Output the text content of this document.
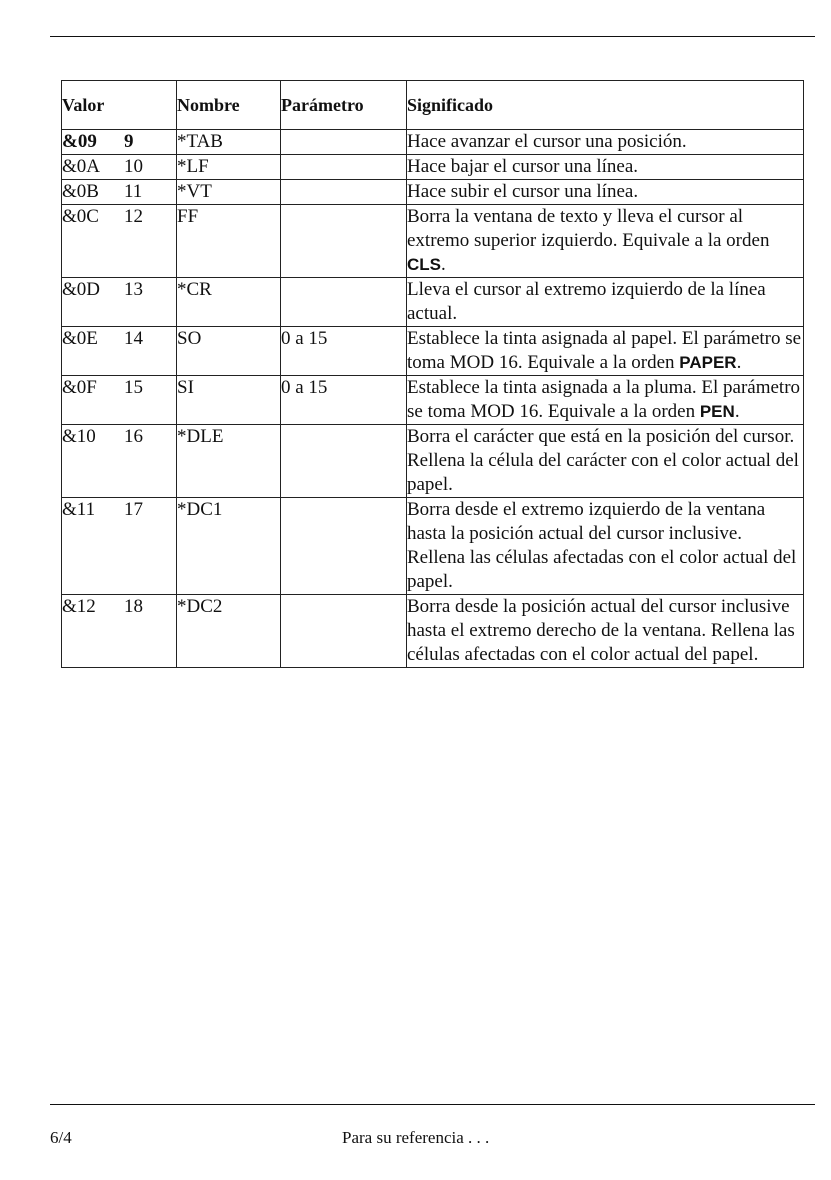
Valor	Nombre	Parámetro	Significado
&09 9	*TAB		Hace avanzar el cursor una posición.
&0A 10	*LF		Hace bajar el cursor una línea.
&0B 11	*VT		Hace subir el cursor una línea.
&0C 12	FF		Borra la ventana de texto y lleva el cursor al extremo superior izquierdo. Equivale a la orden CLS.
&0D 13	*CR		Lleva el cursor al extremo izquierdo de la línea actual.
&0E 14	SO	0 a 15	Establece la tinta asignada al papel. El parámetro se toma MOD 16. Equivale a la orden PAPER.
&0F 15	SI	0 a 15	Establece la tinta asignada a la pluma. El parámetro se toma MOD 16. Equivale a la orden PEN.
&10 16	*DLE		Borra el carácter que está en la posición del cursor. Rellena la célula del carácter con el color actual del papel.
&11 17	*DC1		Borra desde el extremo izquierdo de la ventana hasta la posición actual del cursor inclusive. Rellena las células afectadas con el color actual del papel.
&12 18	*DC2		Borra desde la posición actual del cursor inclusive hasta el extremo derecho de la ventana. Rellena las células afectadas con el color actual del papel.
6/4	Para su referencia . . .
